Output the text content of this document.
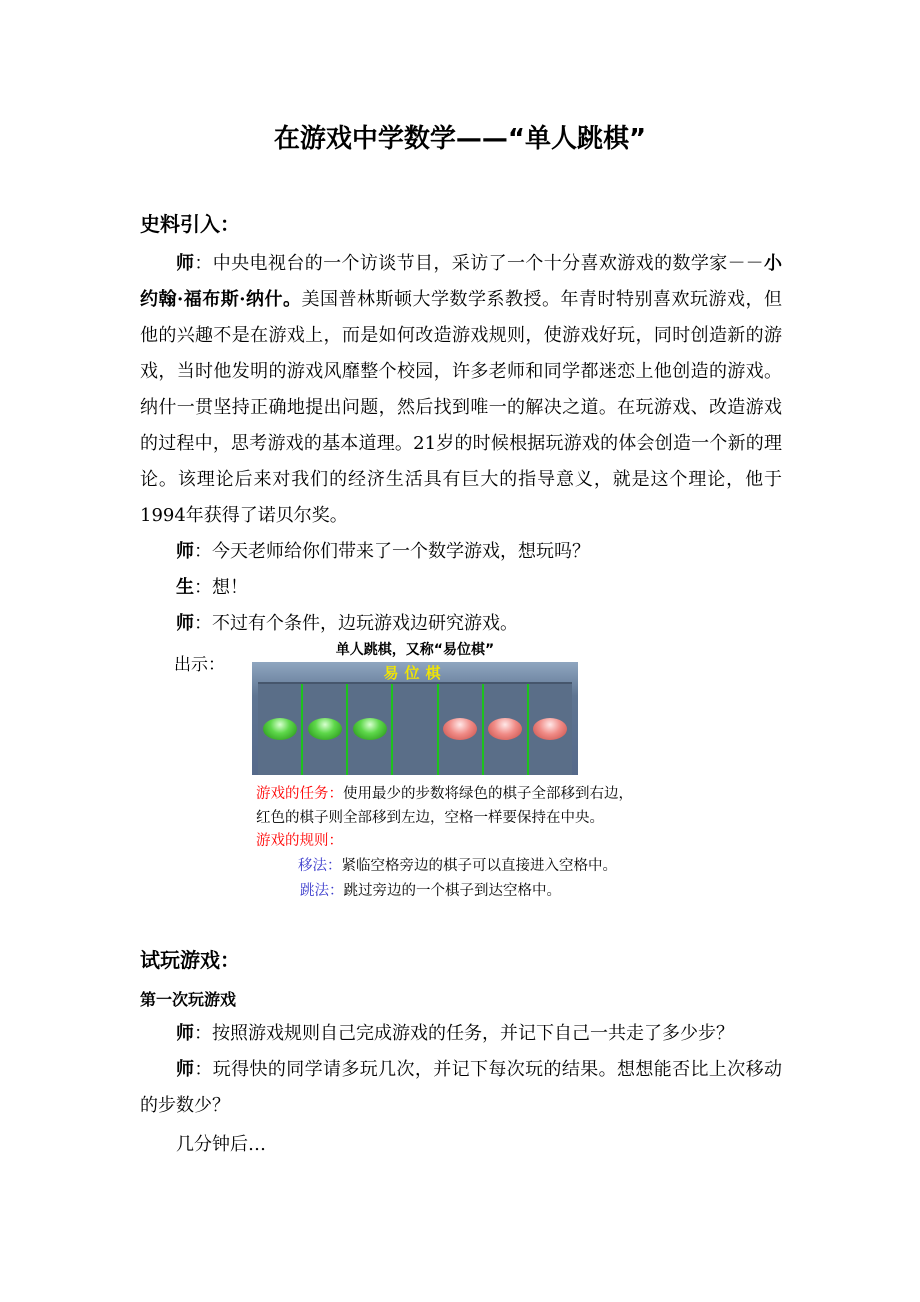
在游戏中学数学——“单人跳棋”
史料引入：
师：中央电视台的一个访谈节目，采访了一个十分喜欢游戏的数学家－－小约翰·福布斯·纳什。美国普林斯顿大学数学系教授。年青时特别喜欢玩游戏，但他的兴趣不是在游戏上，而是如何改造游戏规则，使游戏好玩，同时创造新的游戏，当时他发明的游戏风靡整个校园，许多老师和同学都迷恋上他创造的游戏。纳什一贯坚持正确地提出问题，然后找到唯一的解决之道。在玩游戏、改造游戏的过程中，思考游戏的基本道理。21岁的时候根据玩游戏的体会创造一个新的理论。该理论后来对我们的经济生活具有巨大的指导意义，就是这个理论，他于1994年获得了诺贝尔奖。
师：今天老师给你们带来了一个数学游戏，想玩吗？
生：想！
师：不过有个条件，边玩游戏边研究游戏。
出示：
单人跳棋，又称“易位棋”
易位棋
游戏的任务：使用最少的步数将绿色的棋子全部移到右边，
红色的棋子则全部移到左边，空格一样要保持在中央。
游戏的规则：
移法：紧临空格旁边的棋子可以直接进入空格中。
跳法：跳过旁边的一个棋子到达空格中。
试玩游戏：
第一次玩游戏
师：按照游戏规则自己完成游戏的任务，并记下自己一共走了多少步？
师：玩得快的同学请多玩几次，并记下每次玩的结果。想想能否比上次移动的步数少？
几分钟后…
